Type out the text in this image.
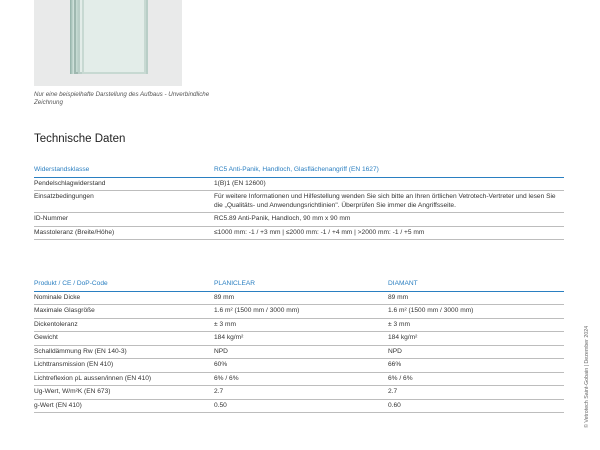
Nur eine beispielhafte Darstellung des Aufbaus - Unverbindliche Zeichnung
Technische Daten
Widerstandsklasse	RC5 Anti-Panik, Handloch, Glasflächenangriff (EN 1627)
Pendelschlagwiderstand	1(B)1 (EN 12600)
Einsatzbedingungen	Für weitere Informationen und Hilfestellung wenden Sie sich bitte an Ihren örtlichen Vetrotech-Vertreter und lesen Sie die „Qualitäts- und Anwendungsrichtlinien". Überprüfen Sie immer die Angriffsseite.
ID-Nummer	RC5.89 Anti-Panik, Handloch, 90 mm x 90 mm
Masstoleranz (Breite/Höhe)	≤1000 mm: -1 / +3 mm | ≤2000 mm: -1 / +4 mm | >2000 mm: -1 / +5 mm
Produkt / CE / DoP-Code	PLANICLEAR	DIAMANT
Nominale Dicke	89 mm	89 mm
Maximale Glasgröße	1.6 m² (1500 mm / 3000 mm)	1.6 m² (1500 mm / 3000 mm)
Dickentoleranz	± 3 mm	± 3 mm
Gewicht	184 kg/m²	184 kg/m²
Schalldämmung Rw (EN 140-3)	NPD	NPD
Lichttransmission (EN 410)	60%	66%
Lichtreflexion ρL aussen/innen (EN 410)	6% / 6%	6% / 6%
Ug-Wert, W/m²K (EN 673)	2.7	2.7
g-Wert (EN 410)	0.50	0.60	© Vetrotech Saint-Gobain | Dezember 2024
